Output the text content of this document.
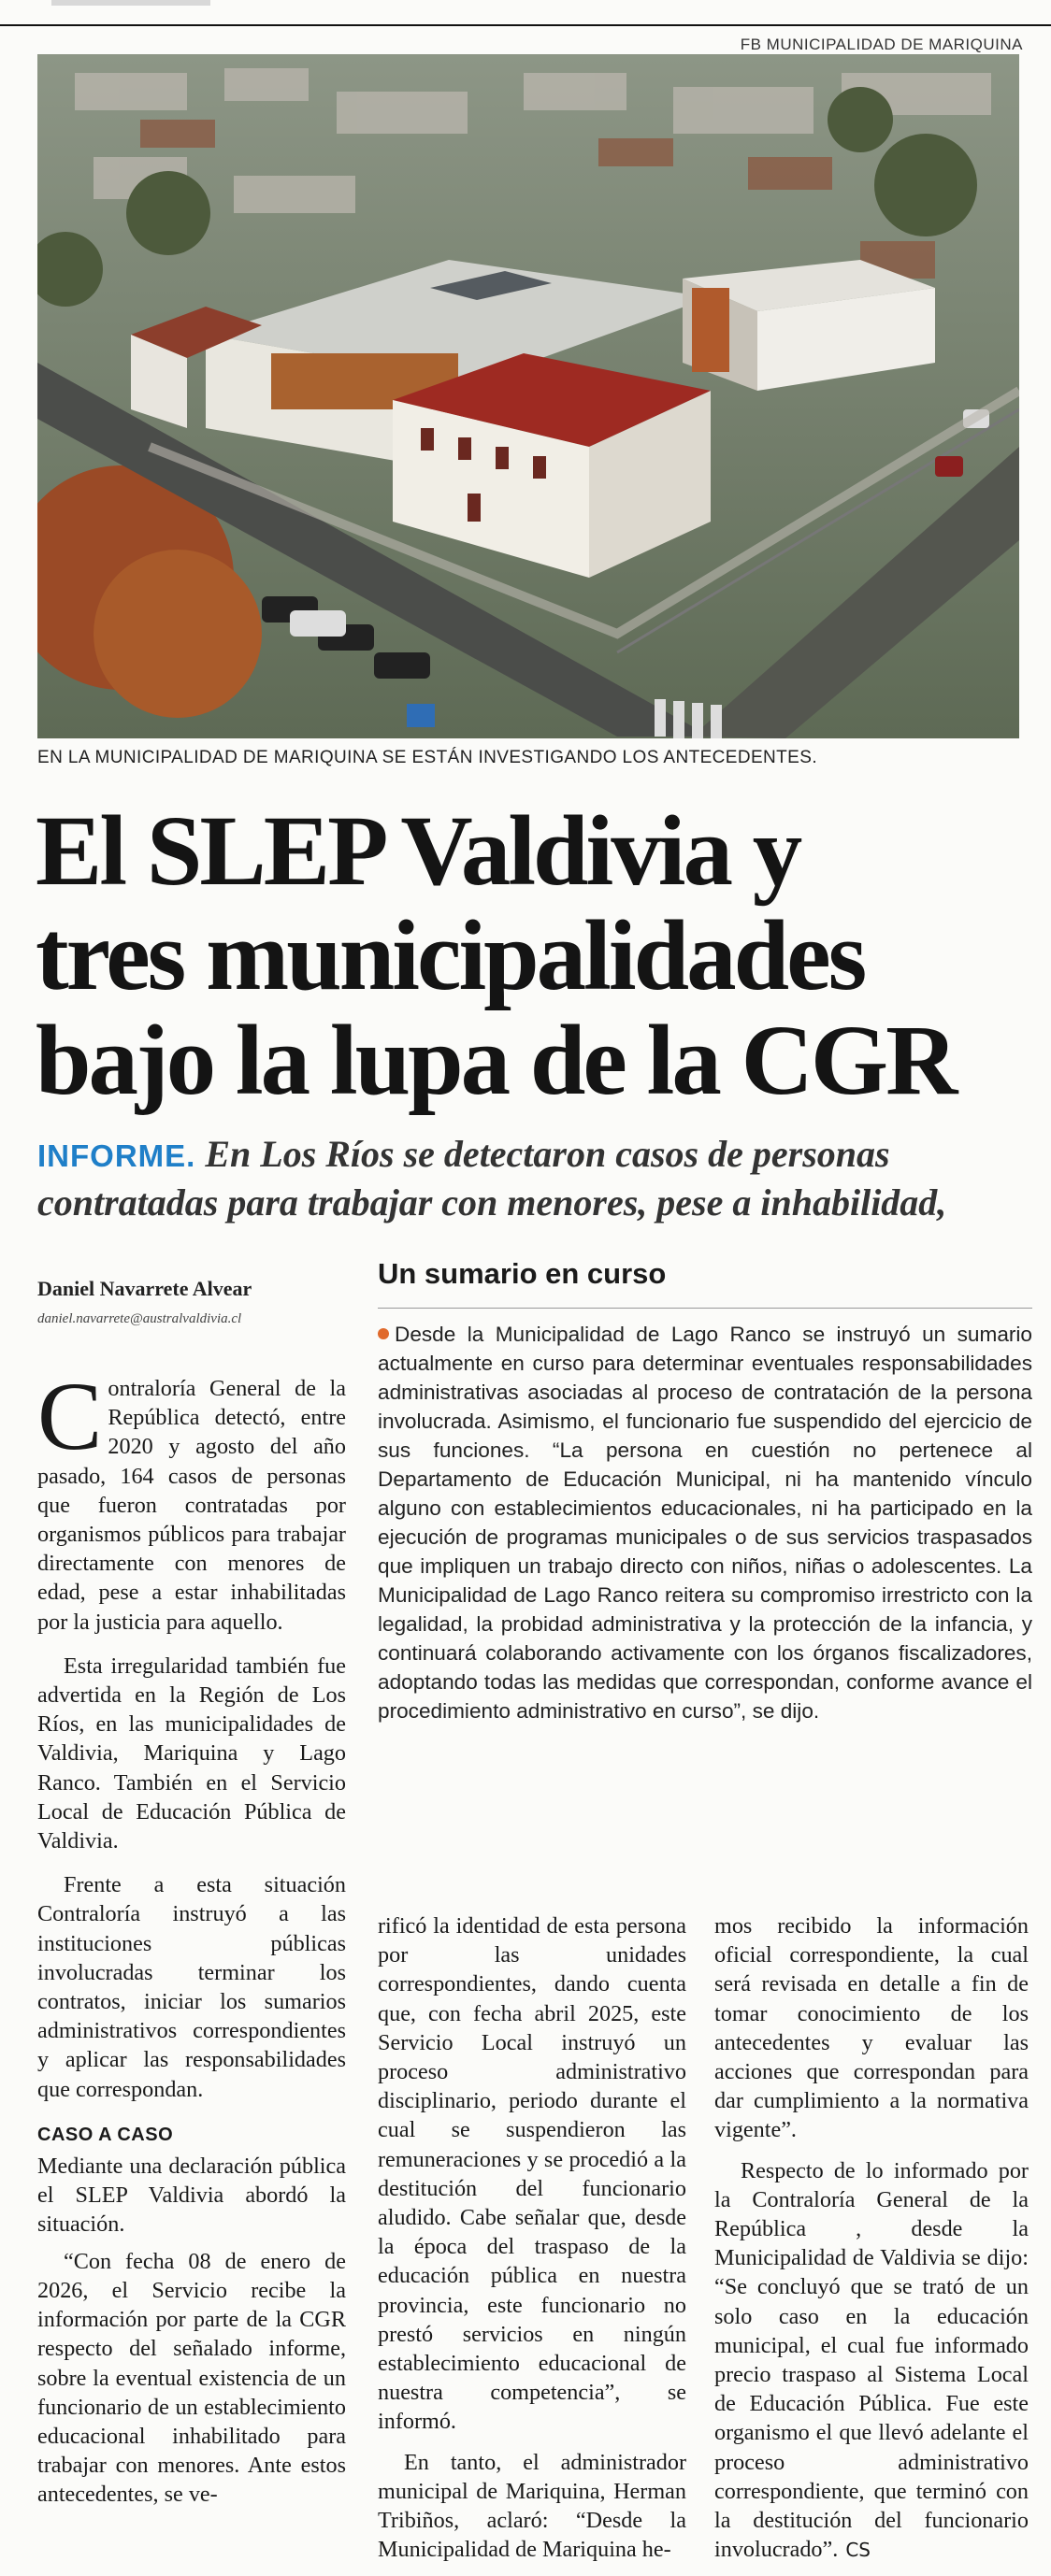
FB MUNICIPALIDAD DE MARIQUINA
EN LA MUNICIPALIDAD DE MARIQUINA SE ESTÁN INVESTIGANDO LOS ANTECEDENTES.
El SLEP Valdivia y
tres municipalidades
bajo la lupa de la CGR
INFORME. En Los Ríos se detectaron casos de personas contratadas para trabajar con menores, pese a inhabilidad,
Daniel Navarrete Alvear
daniel.navarrete@australvaldivia.cl

Contraloría General de la República detectó, entre 2020 y agosto del año pasado, 164 casos de personas que fueron contratadas por organismos públicos para trabajar directamente con menores de edad, pese a estar inhabilitadas por la justicia para aquello.

Esta irregularidad también fue advertida en la Región de Los Ríos, en las municipalidades de Valdivia, Mariquina y Lago Ranco. También en el Servicio Local de Educación Pública de Valdivia.

Frente a esta situación Contraloría instruyó a las instituciones públicas involucradas terminar los contratos, iniciar los sumarios administrativos correspondientes y aplicar las responsabilidades que correspondan.

CASO A CASO

Mediante una declaración pública el SLEP Valdivia abordó la situación.

“Con fecha 08 de enero de 2026, el Servicio recibe la información por parte de la CGR respecto del señalado informe, sobre la eventual existencia de un funcionario de un establecimiento educacional inhabilitado para trabajar con menores. Ante estos antecedentes, se ve-

Un sumario en curso
Desde la Municipalidad de Lago Ranco se instruyó un sumario actualmente en curso para determinar eventuales responsabilidades administrativas asociadas al proceso de contratación de la persona involucrada. Asimismo, el funcionario fue suspendido del ejercicio de sus funciones. “La persona en cuestión no pertenece al Departamento de Educación Municipal, ni ha mantenido vínculo alguno con establecimientos educacionales, ni ha participado en la ejecución de programas municipales o de sus servicios traspasados que impliquen un trabajo directo con niños, niñas o adolescentes. La Municipalidad de Lago Ranco reitera su compromiso irrestricto con la legalidad, la probidad administrativa y la protección de la infancia, y continuará colaborando activamente con los órganos fiscalizadores, adoptando todas las medidas que correspondan, conforme avance el procedimiento administrativo en curso”, se dijo.

rificó la identidad de esta persona por las unidades correspondientes, dando cuenta que, con fecha abril 2025, este Servicio Local instruyó un proceso administrativo disciplinario, periodo durante el cual se suspendieron las remuneraciones y se procedió a la destitución del funcionario aludido. Cabe señalar que, desde la época del traspaso de la educación pública en nuestra provincia, este funcionario no prestó servicios en ningún establecimiento educacional de nuestra competencia”, se informó.

En tanto, el administrador municipal de Mariquina, Herman Tribiños, aclaró: “Desde la Municipalidad de Mariquina he-

mos recibido la información oficial correspondiente, la cual será revisada en detalle a fin de tomar conocimiento de los antecedentes y evaluar las acciones que correspondan para dar cumplimiento a la normativa vigente”.

Respecto de lo informado por la Contraloría General de la República , desde la Municipalidad de Valdivia se dijo: “Se concluyó que se trató de un solo caso en la educación municipal, el cual fue informado precio traspaso al Sistema Local de Educación Pública. Fue este organismo el que llevó adelante el proceso administrativo correspondiente, que terminó con la destitución del funcionario involucrado”. CS
